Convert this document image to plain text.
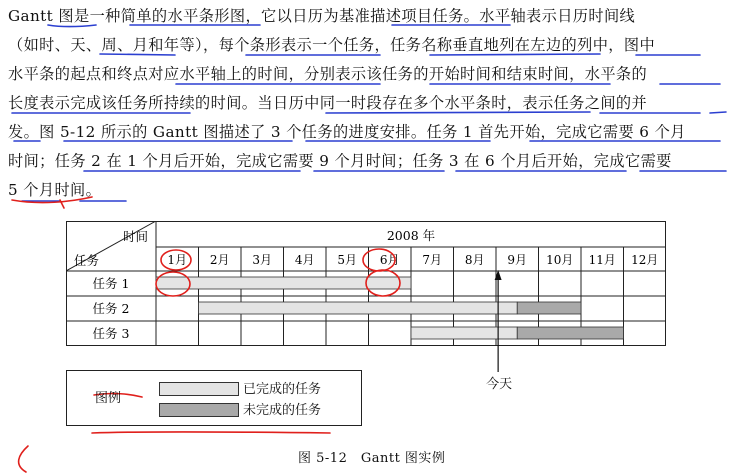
Gantt 图是一种简单的水平条形图，它以日历为基准描述项目任务。水平轴表示日历时间线
（如时、天、周、月和年等），每个条形表示一个任务，任务名称垂直地列在左边的列中，图中
水平条的起点和终点对应水平轴上的时间，分别表示该任务的开始时间和结束时间，水平条的
长度表示完成该任务所持续的时间。当日历中同一时段存在多个水平条时，表示任务之间的并
发。图 5-12 所示的 Gantt 图描述了 3 个任务的进度安排。任务 1 首先开始，完成它需要 6 个月
时间；任务 2 在 1 个月后开始，完成它需要 9 个月时间；任务 3 在 6 个月后开始，完成它需要
5 个月时间。
时间
任务
2008 年
1月 2月 3月 4月 5月 6月 7月 8月 9月 10月 11月 12月
任务 1
任务 2
任务 3
图例
已完成的任务
未完成的任务
今天
图 5-12　Gantt 图实例
